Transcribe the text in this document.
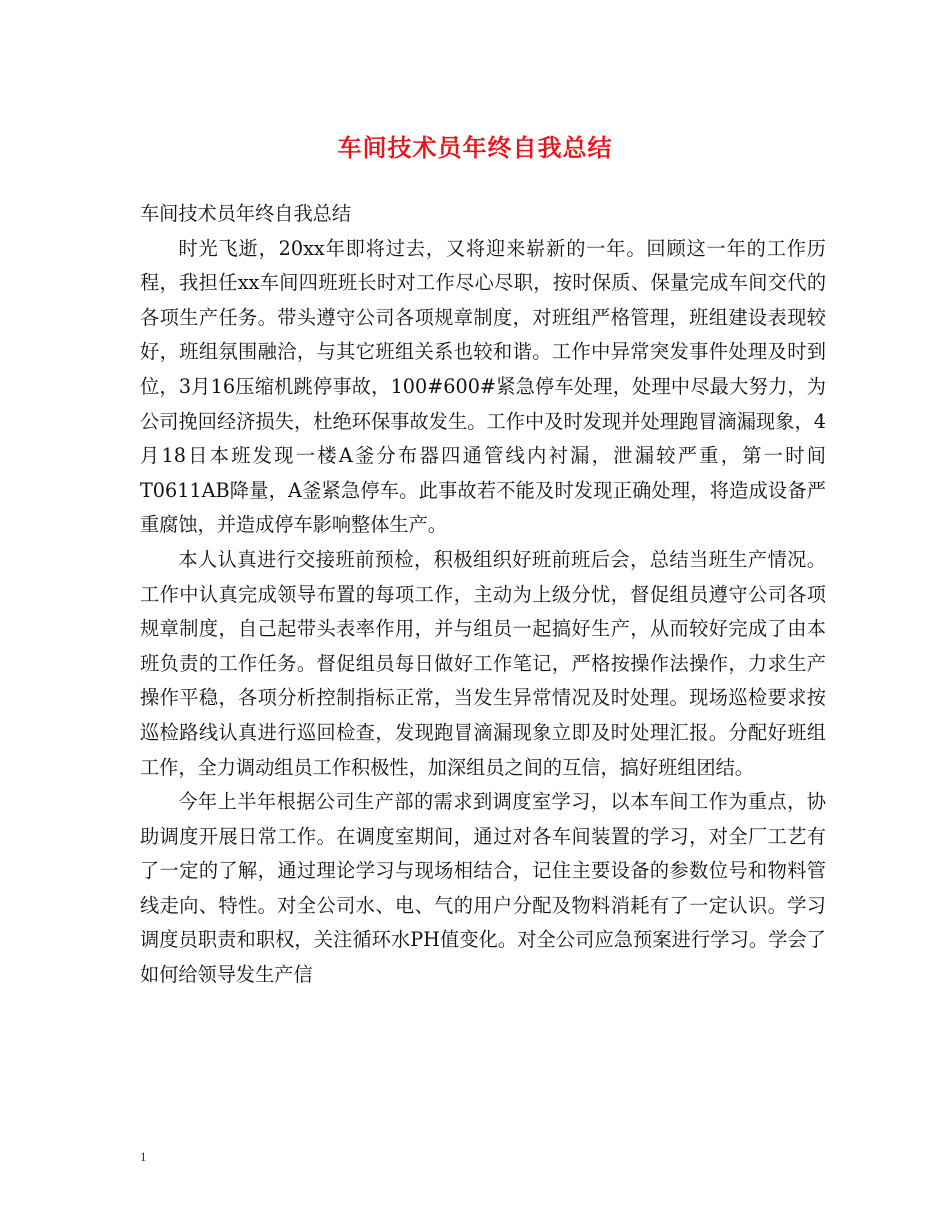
车间技术员年终自我总结

车间技术员年终自我总结

时光飞逝，20xx年即将过去，又将迎来崭新的一年。回顾这一年的工作历程，我担任xx车间四班班长时对工作尽心尽职，按时保质、保量完成车间交代的各项生产任务。带头遵守公司各项规章制度，对班组严格管理，班组建设表现较好，班组氛围融洽，与其它班组关系也较和谐。工作中异常突发事件处理及时到位，3月16压缩机跳停事故，100#600#紧急停车处理，处理中尽最大努力，为公司挽回经济损失，杜绝环保事故发生。工作中及时发现并处理跑冒滴漏现象，4月18日本班发现一楼A釜分布器四通管线内衬漏，泄漏较严重，第一时间T0611AB降量，A釜紧急停车。此事故若不能及时发现正确处理，将造成设备严重腐蚀，并造成停车影响整体生产。

本人认真进行交接班前预检，积极组织好班前班后会，总结当班生产情况。工作中认真完成领导布置的每项工作，主动为上级分忧，督促组员遵守公司各项规章制度，自己起带头表率作用，并与组员一起搞好生产，从而较好完成了由本班负责的工作任务。督促组员每日做好工作笔记，严格按操作法操作，力求生产操作平稳，各项分析控制指标正常，当发生异常情况及时处理。现场巡检要求按巡检路线认真进行巡回检查，发现跑冒滴漏现象立即及时处理汇报。分配好班组工作，全力调动组员工作积极性，加深组员之间的互信，搞好班组团结。

今年上半年根据公司生产部的需求到调度室学习，以本车间工作为重点，协助调度开展日常工作。在调度室期间，通过对各车间装置的学习，对全厂工艺有了一定的了解，通过理论学习与现场相结合，记住主要设备的参数位号和物料管线走向、特性。对全公司水、电、气的用户分配及物料消耗有了一定认识。学习调度员职责和职权，关注循环水PH值变化。对全公司应急预案进行学习。学会了如何给领导发生产信

1
